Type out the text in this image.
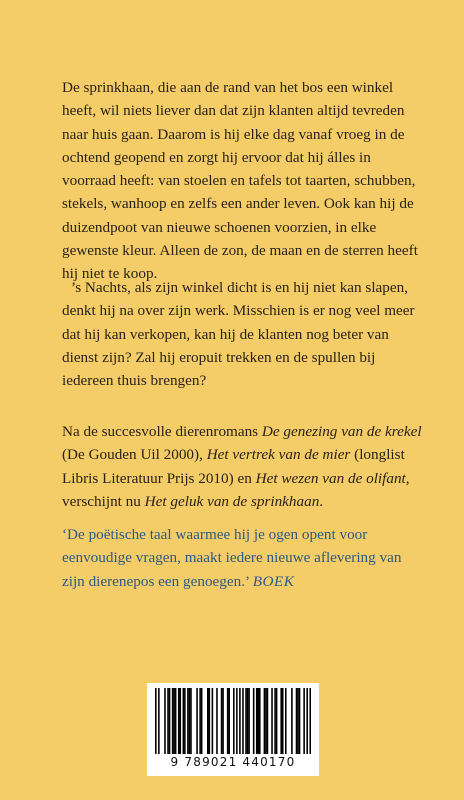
De sprinkhaan, die aan de rand van het bos een winkel heeft, wil niets liever dan dat zijn klanten altijd tevreden naar huis gaan. Daarom is hij elke dag vanaf vroeg in de ochtend geopend en zorgt hij ervoor dat hij álles in voorraad heeft: van stoelen en tafels tot taarten, schubben, stekels, wanhoop en zelfs een ander leven. Ook kan hij de duizendpoot van nieuwe schoenen voorzien, in elke gewenste kleur. Alleen de zon, de maan en de sterren heeft hij niet te koop.

’s Nachts, als zijn winkel dicht is en hij niet kan slapen, denkt hij na over zijn werk. Misschien is er nog veel meer dat hij kan verkopen, kan hij de klanten nog beter van dienst zijn? Zal hij eropuit trekken en de spullen bij iedereen thuis brengen?

Na de succesvolle dierenromans De genezing van de krekel (De Gouden Uil 2000), Het vertrek van de mier (longlist Libris Literatuur Prijs 2010) en Het wezen van de olifant, verschijnt nu Het geluk van de sprinkhaan.

‘De poëtische taal waarmee hij je ogen opent voor eenvoudige vragen, maakt iedere nieuwe aflevering van zijn dierenepos een genoegen.’ BOEK

9 789021 440170
